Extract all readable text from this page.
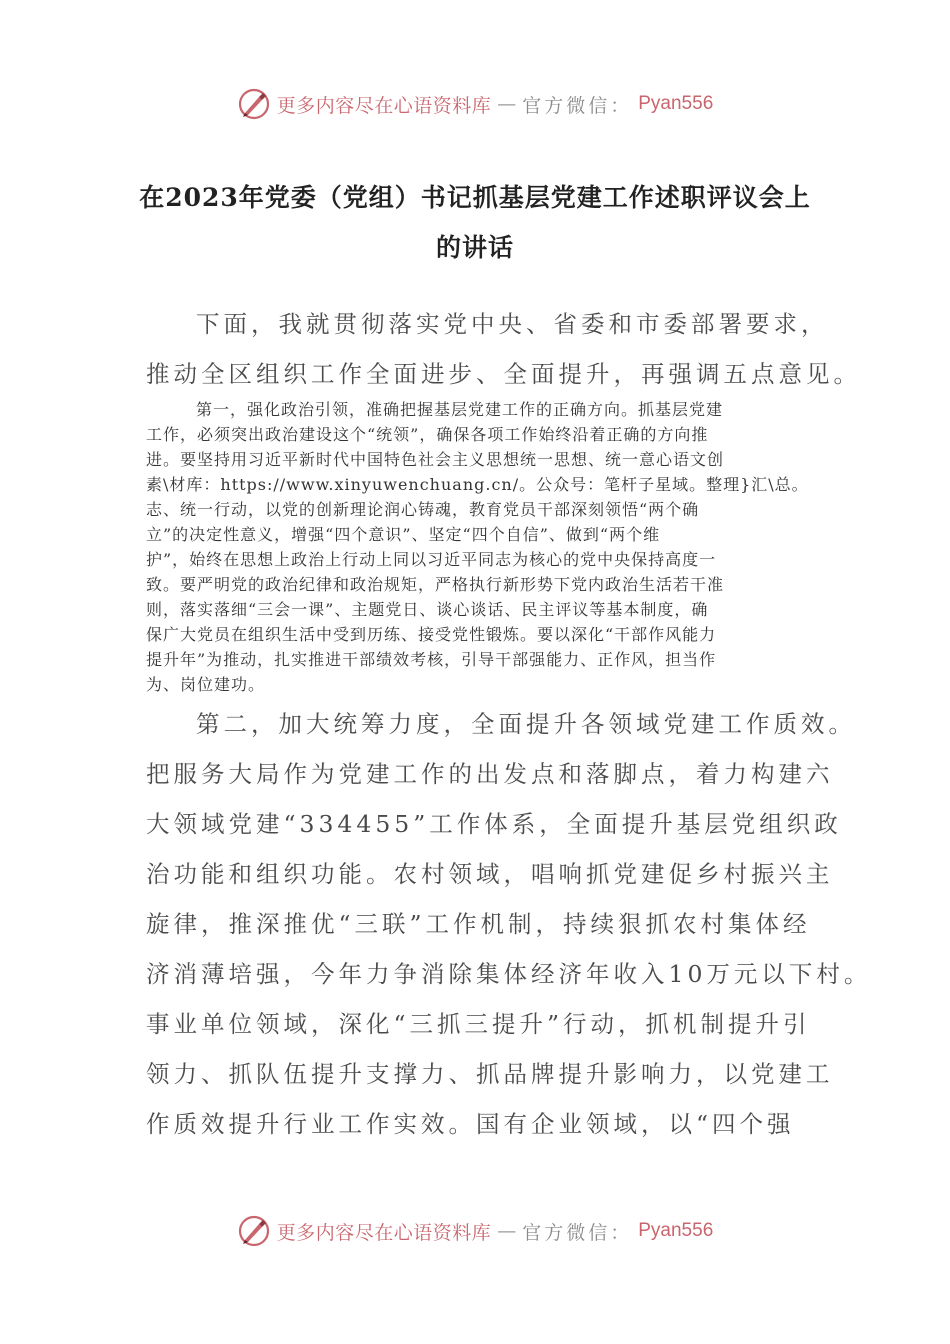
更多内容尽在心语资料库 — 官方微信： Pyan556
在2023年党委（党组）书记抓基层党建工作述职评议会上
的讲话
下面，我就贯彻落实党中央、省委和市委部署要求，
推动全区组织工作全面进步、全面提升，再强调五点意见。
第一，强化政治引领，准确把握基层党建工作的正确方向。抓基层党建
工作，必须突出政治建设这个“统领”，确保各项工作始终沿着正确的方向推
进。要坚持用习近平新时代中国特色社会主义思想统一思想、统一意心语文创
素\材库：https://www.xinyuwenchuang.cn/。公众号：笔杆子星域。整理}汇\总。
志、统一行动，以党的创新理论润心铸魂，教育党员干部深刻领悟“两个确
立”的决定性意义，增强“四个意识”、坚定“四个自信”、做到“两个维
护”，始终在思想上政治上行动上同以习近平同志为核心的党中央保持高度一
致。要严明党的政治纪律和政治规矩，严格执行新形势下党内政治生活若干准
则，落实落细“三会一课”、主题党日、谈心谈话、民主评议等基本制度，确
保广大党员在组织生活中受到历练、接受党性锻炼。要以深化“干部作风能力
提升年”为推动，扎实推进干部绩效考核，引导干部强能力、正作风，担当作
为、岗位建功。
第二，加大统筹力度，全面提升各领域党建工作质效。
把服务大局作为党建工作的出发点和落脚点，着力构建六
大领域党建“334455”工作体系，全面提升基层党组织政
治功能和组织功能。农村领域，唱响抓党建促乡村振兴主
旋律，推深推优“三联”工作机制，持续狠抓农村集体经
济消薄培强，今年力争消除集体经济年收入10万元以下村。
事业单位领域，深化“三抓三提升”行动，抓机制提升引
领力、抓队伍提升支撑力、抓品牌提升影响力，以党建工
作质效提升行业工作实效。国有企业领域，以“四个强
更多内容尽在心语资料库 — 官方微信： Pyan556
